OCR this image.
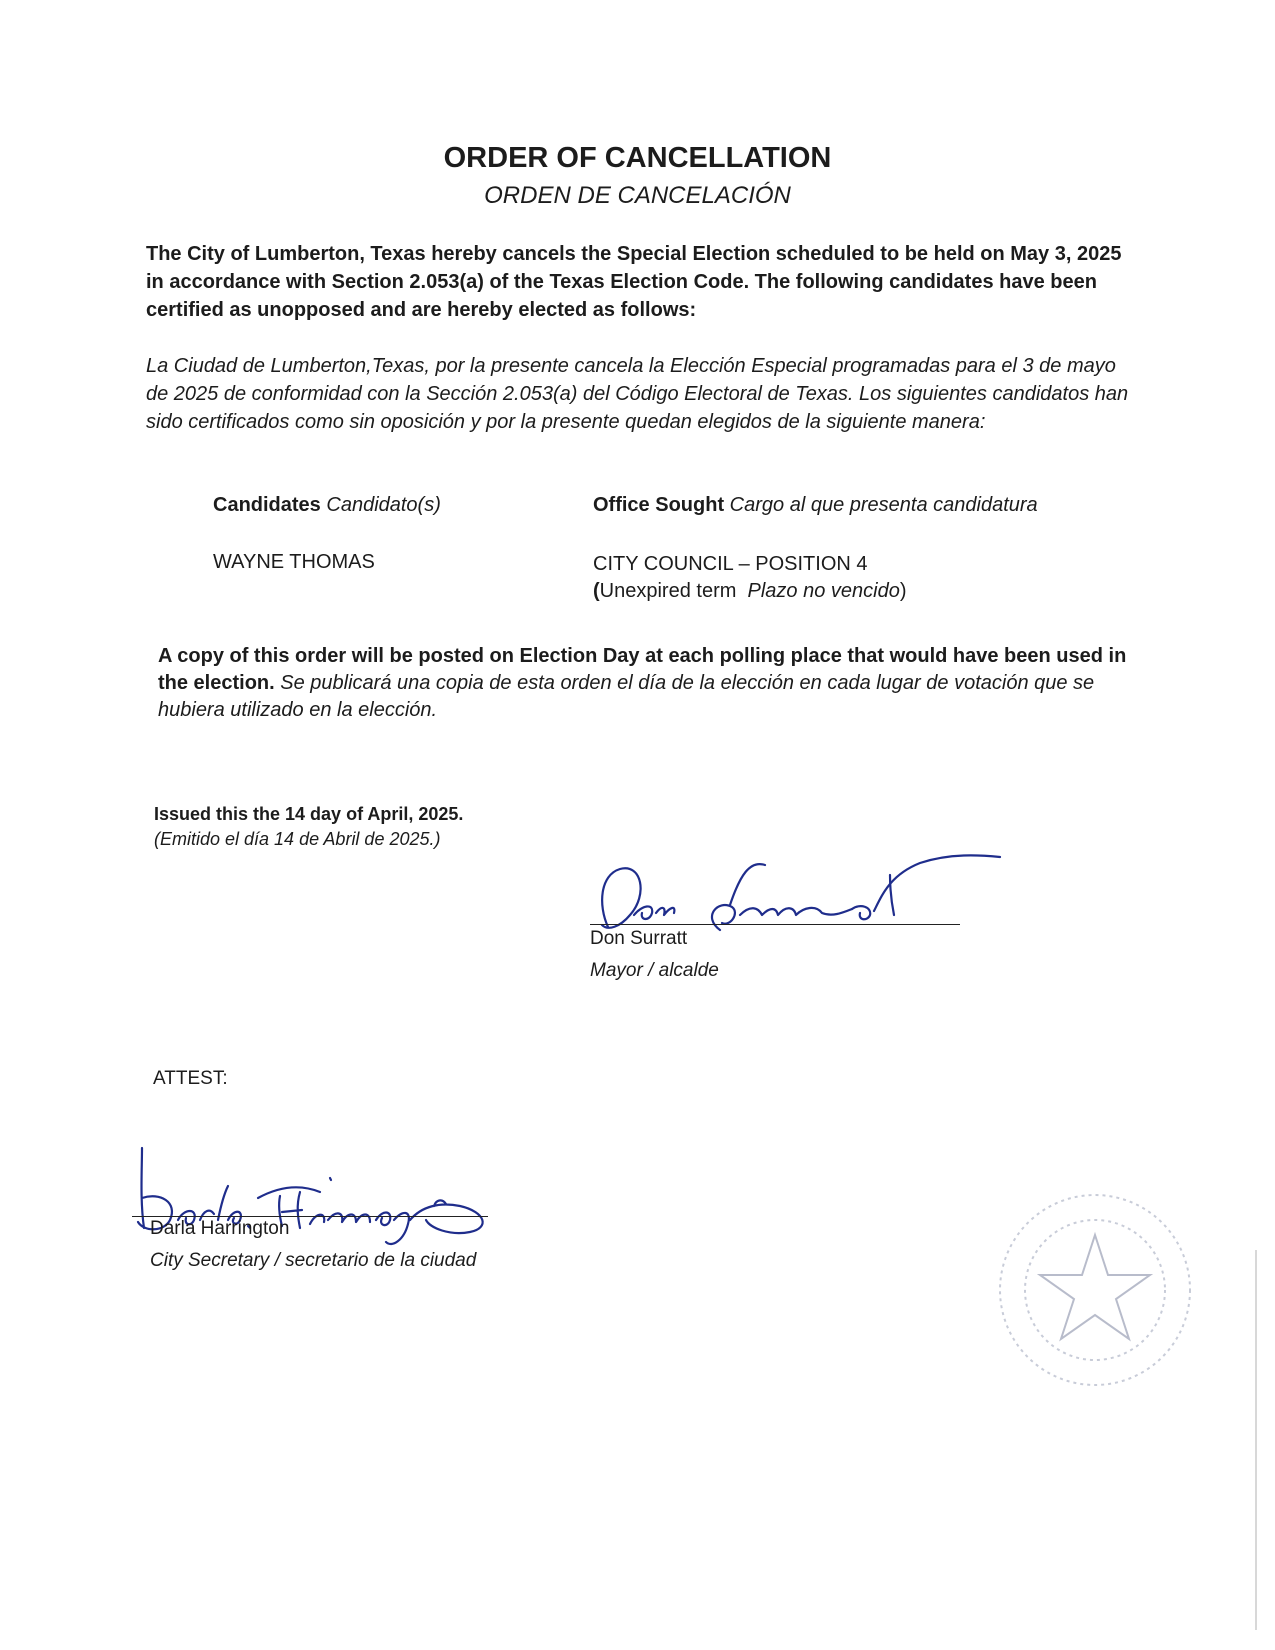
ORDER OF CANCELLATION
ORDEN DE CANCELACIÓN
The City of Lumberton, Texas hereby cancels the Special Election scheduled to be held on May 3, 2025 in accordance with Section 2.053(a) of the Texas Election Code. The following candidates have been certified as unopposed and are hereby elected as follows:
La Ciudad de Lumberton,Texas, por la presente cancela la Elección Especial programadas para el 3 de mayo de 2025 de conformidad con la Sección 2.053(a) del Código Electoral de Texas. Los siguientes candidatos han sido certificados como sin oposición y por la presente quedan elegidos de la siguiente manera:
Candidates Candidato(s)	Office Sought Cargo al que presenta candidatura
WAYNE THOMAS	CITY COUNCIL – POSITION 4
(Unexpired term Plazo no vencido)
A copy of this order will be posted on Election Day at each polling place that would have been used in the election. Se publicará una copia de esta orden el día de la elección en cada lugar de votación que se hubiera utilizado en la elección.
Issued this the 14 day of April, 2025.
(Emitido el día 14 de Abril de 2025.)
Don Surratt
Mayor / alcalde
ATTEST:
Darla Harrington
City Secretary / secretario de la ciudad
